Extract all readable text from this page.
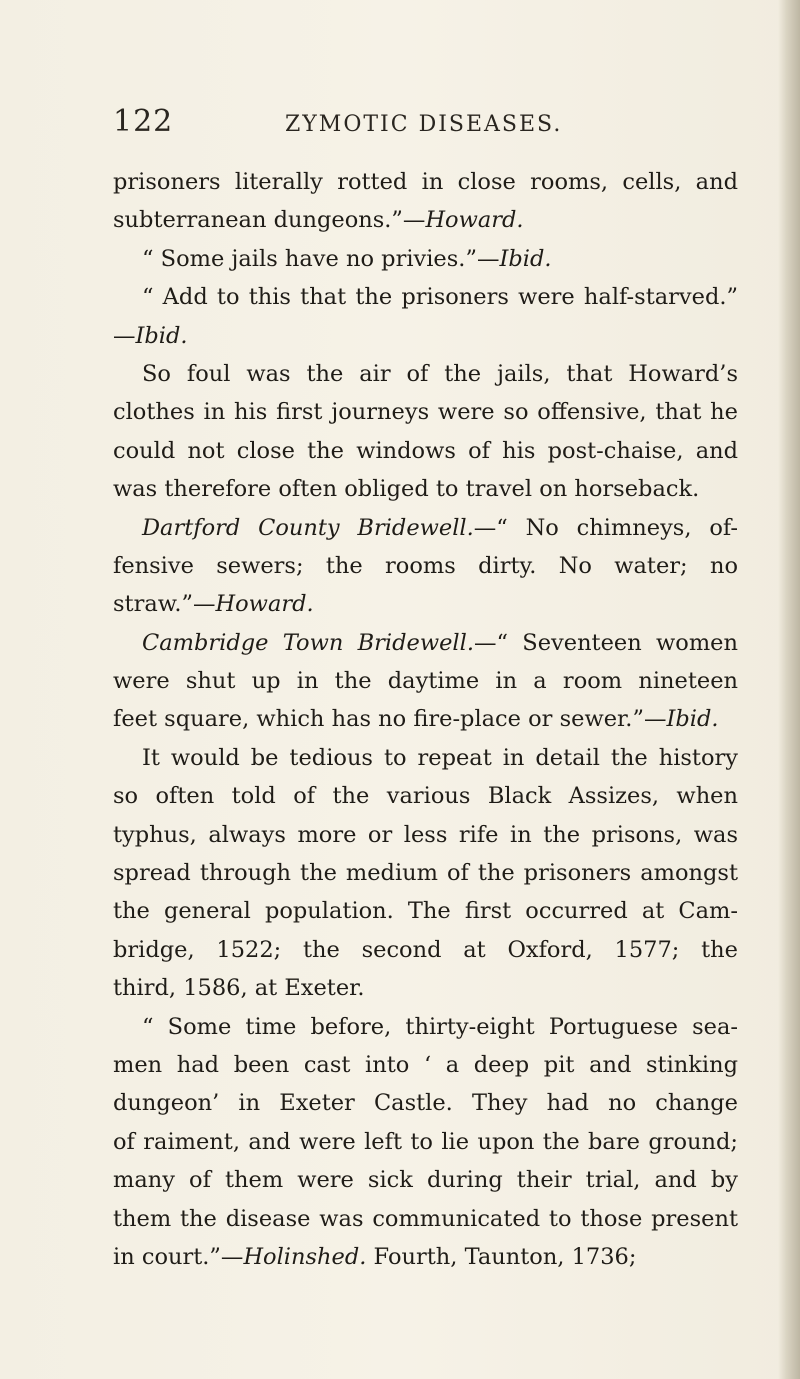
122	ZYMOTIC DISEASES.
prisoners literally rotted in close rooms, cells, and
subterranean dungeons.”—Howard.
“ Some jails have no privies.”—Ibid.
“ Add to this that the prisoners were half-starved.”
—Ibid.
So foul was the air of the jails, that Howard’s
clothes in his first journeys were so offensive, that he
could not close the windows of his post-chaise, and
was therefore often obliged to travel on horseback.
Dartford County Bridewell.—“ No chimneys, of-
fensive sewers; the rooms dirty. No water; no
straw.”—Howard.
Cambridge Town Bridewell.—“ Seventeen women
were shut up in the daytime in a room nineteen
feet square, which has no fire-place or sewer.”—Ibid.
It would be tedious to repeat in detail the history
so often told of the various Black Assizes, when
typhus, always more or less rife in the prisons, was
spread through the medium of the prisoners amongst
the general population. The first occurred at Cam-
bridge, 1522; the second at Oxford, 1577; the
third, 1586, at Exeter.
“ Some time before, thirty-eight Portuguese sea-
men had been cast into ‘ a deep pit and stinking
dungeon’ in Exeter Castle. They had no change
of raiment, and were left to lie upon the bare ground;
many of them were sick during their trial, and by
them the disease was communicated to those present
in court.”—Holinshed. Fourth, Taunton, 1736;
